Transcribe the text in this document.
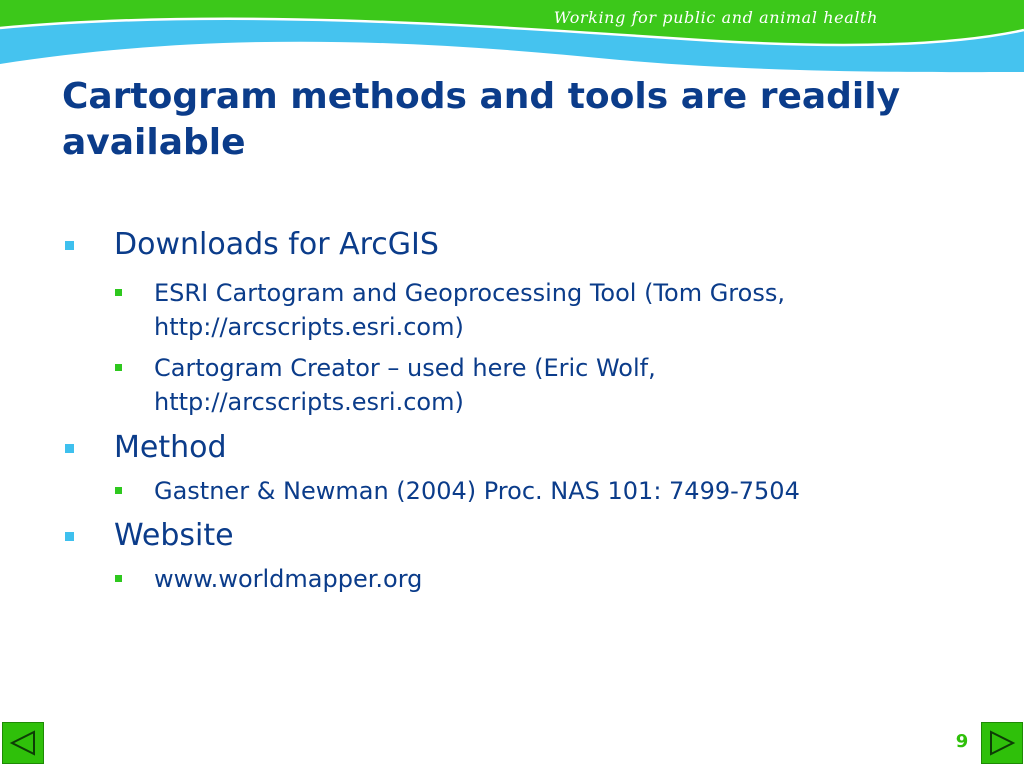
Working for public and animal health
Cartogram methods and tools are readily available
Downloads for ArcGIS
ESRI Cartogram and Geoprocessing Tool (Tom Gross, http://arcscripts.esri.com)
Cartogram Creator – used here (Eric Wolf, http://arcscripts.esri.com)
Method
Gastner & Newman (2004) Proc. NAS 101: 7499-7504
Website
www.worldmapper.org
9
